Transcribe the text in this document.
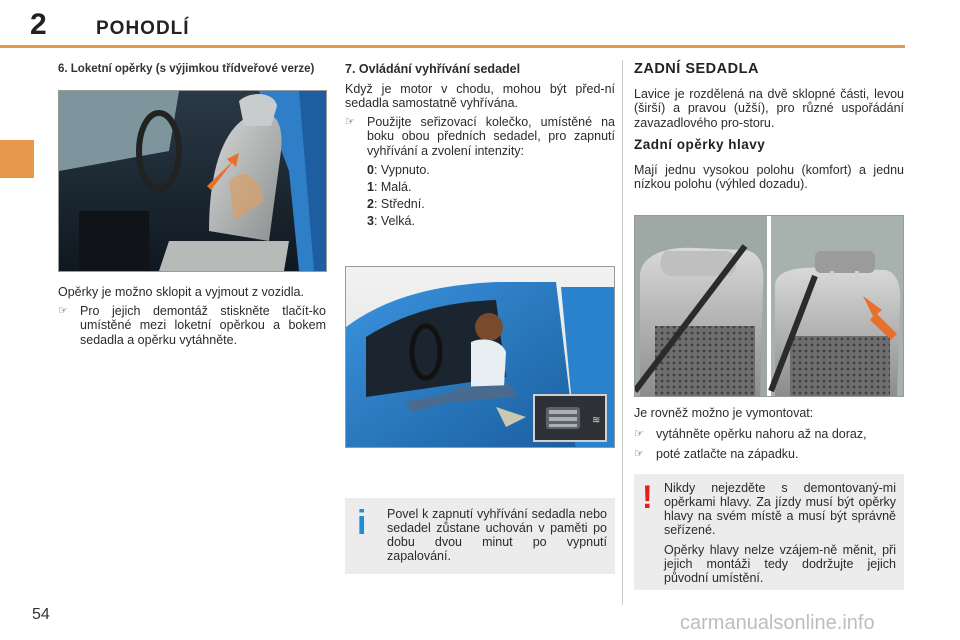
2	POHODLÍ
6. Loketní opěrky (s výjimkou třídveřové verze)

Opěrky je možno sklopit a vyjmout z vozidla.

☞ Pro jejich demontáž stiskněte tlačít-ko umístěné mezi loketní opěrkou a bokem sedadla a opěrku vytáhněte.

7. Ovládání vyhřívání sedadel

Když je motor v chodu, mohou být před-ní sedadla samostatně vyhřívána.

☞ Použijte seřizovací kolečko, umístěné na boku obou předních sedadel, pro zapnutí vyhřívání a zvolení intenzity:
0: Vypnuto.
1: Malá.
2: Střední.
3: Velká.
≋
i Povel k zapnutí vyhřívání sedadla nebo sedadel zůstane uchován v paměti po dobu dvou minut po vypnutí zapalování.
ZADNÍ SEDADLA

Lavice je rozdělená na dvě sklopné části, levou (širší) a pravou (užší), pro různé uspořádání zavazadlového pro-storu.

Zadní opěrky hlavy

Mají jednu vysokou polohu (komfort) a jednu nízkou polohu (výhled dozadu).

Je rovněž možno je vymontovat:

☞ vytáhněte opěrku nahoru až na doraz,
☞ poté zatlačte na západku.
! Nikdy nejezděte s demontovaný-mi opěrkami hlavy. Za jízdy musí být opěrky hlavy na svém místě a musí být správně seřízené.

Opěrky hlavy nelze vzájem-ně měnit, při jejich montáži tedy dodržujte jejich původní umístění.

54	carmanualsonline.info
